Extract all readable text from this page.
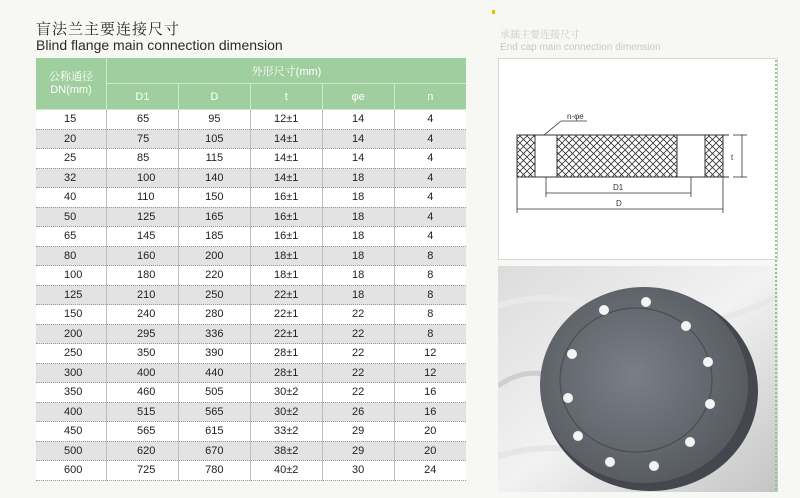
盲法兰主要连接尺寸
Blind flange main connection dimension
公称通径 DN(mm)	外形尺寸(mm)				
	D1	D	t	φe	n
15	65	95	12±1	14	4
20	75	105	14±1	14	4
25	85	115	14±1	14	4
32	100	140	14±1	18	4
40	110	150	16±1	18	4
50	125	165	16±1	18	4
65	145	185	16±1	18	4
80	160	200	18±1	18	8
100	180	220	18±1	18	8
125	210	250	22±1	18	8
150	240	280	22±1	22	8
200	295	336	22±1	22	8
250	350	390	28±1	22	12
300	400	440	28±1	22	12
350	460	505	30±2	22	16
400	515	565	30±2	26	16
450	565	615	33±2	29	20
500	620	670	38±2	29	20
600	725	780	40±2	30	24
承插主要连接尺寸
End cap main connection dimension
n-φe
t
D1
D
